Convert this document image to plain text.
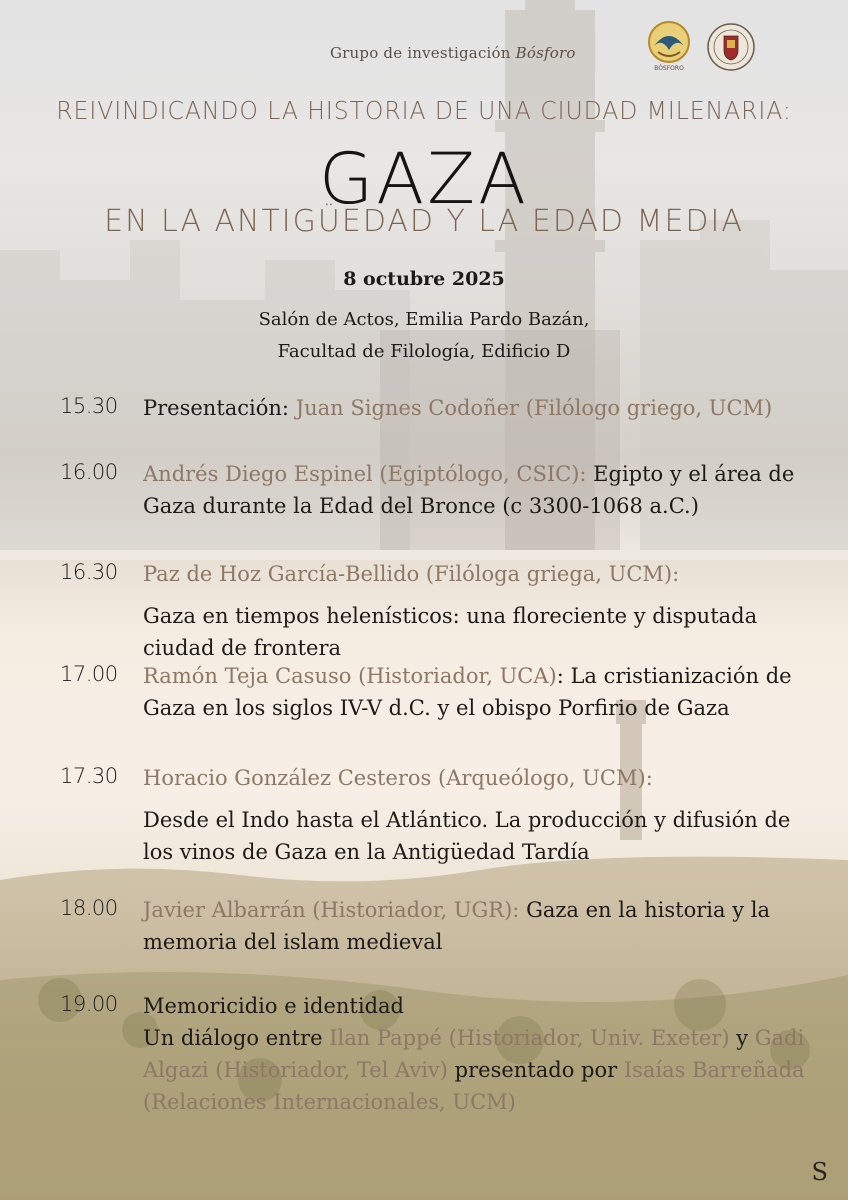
Grupo de investigación Bósforo
BÓSFORO
REIVINDICANDO LA HISTORIA DE UNA CIUDAD MILENARIA:
GAZA
EN LA ANTIGÜEDAD Y LA EDAD MEDIA
8 octubre 2025
Salón de Actos, Emilia Pardo Bazán,
Facultad de Filología, Edificio D
15.30 Presentación: Juan Signes Codoñer (Filólogo griego, UCM)
16.00 Andrés Diego Espinel (Egiptólogo, CSIC): Egipto y el área de Gaza durante la Edad del Bronce (c 3300-1068 a.C.)
16.30 Paz de Hoz García-Bellido (Filóloga griega, UCM):
Gaza en tiempos helenísticos: una floreciente y disputada ciudad de frontera
17.00 Ramón Teja Casuso (Historiador, UCA): La cristianización de Gaza en los siglos IV-V d.C. y el obispo Porfirio de Gaza
17.30 Horacio González Cesteros (Arqueólogo, UCM):
Desde el Indo hasta el Atlántico. La producción y difusión de los vinos de Gaza en la Antigüedad Tardía
18.00 Javier Albarrán (Historiador, UGR): Gaza en la historia y la memoria del islam medieval
19.00 Memoricidio e identidad
Un diálogo entre Ilan Pappé (Historiador, Univ. Exeter) y Gadi Algazi (Historiador, Tel Aviv) presentado por Isaías Barreñada (Relaciones Internacionales, UCM)
S
